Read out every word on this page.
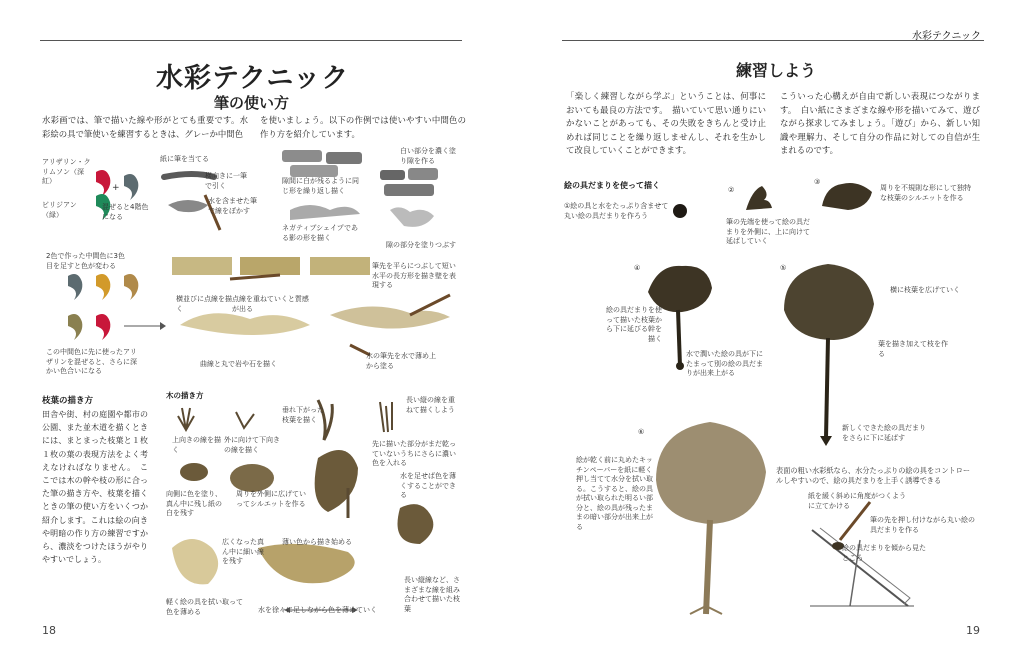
水彩テクニック
筆の使い方
水彩画では、筆で描いた線や形がとても重要です。水彩絵の具で筆使いを練習するときは、グレーか中間色
を使いましょう。以下の作例では使いやすい中間色の作り方を紹介しています。
+
アリザリン・クリムソン（深紅）
ビリジアン（緑）
混ぜると4階色になる
紙に筆を当てる
横向きに一筆で引く
水を含ませた筆で線をぼかす
隙間に白が残るように同じ形を繰り返し描く
白い部分を濃く塗り隙を作る
ネガティブシェイプである影の形を描く
隙の部分を塗りつぶす
2色で作った中間色に3色目を足すと色が変わる
この中間色に先に使ったアリザリンを混ぜると、さらに深かい色合いになる
横並びに点線を描く
点線を重ねていくと質感が出る
筆先を平らにつぶして短い水平の長方形を描き壁を表現する
曲線と丸で岩や石を描く
水の筆先を水で薄め上から塗る
枝葉の描き方
田舎や街、村の庭園や都市の公園、また並木道を描くときには、まとまった枝葉と１枚１枚の葉の表現方法をよく考えなければなりません。　ここでは木の幹や枝の形に合った筆の描き方や、枝葉を描くときの筆の使い方をいくつか紹介します。これは絵の向きや明暗の作り方の練習ですから、濃淡をつけたほうがやりやすいでしょう。
木の描き方
上向きの線を描く
外に向けて下向きの線を描く
垂れ下がった枝葉を描く
長い縦の線を重ねて描くしよう
先に描いた部分がまだ乾っていないうちにさらに濃い色を入れる
水を足せば色を薄くすることができる
向側に色を塗り、真ん中に残し紙の白を残す
周りを外側に広げていってシルエットを作る
広くなった真ん中に細い線を残す
薄い色から描き始める
長い縦線など、さまざまな線を組み合わせて描いた枝葉
軽く絵の具を拭い取って色を薄める	水を徐々に足しながら色を薄めていく
18
水彩テクニック
練習しよう
「楽しく練習しながら学ぶ」ということは、何事においても最良の方法です。　描いていて思い通りにいかないことがあっても、その失敗をきちんと受け止めれば同じことを繰り返しませんし、それを生かして改良していくことができます。
こういった心構えが自由で新しい表現につながります。　白い紙にさまざまな線や形を描いてみて、遊びながら探求してみましょう。「遊び」から、新しい知識や理解力、そして自分の作品に対しての自信が生まれるのです。
絵の具だまりを使って描く
①絵の具と水をたっぷり含ませて丸い絵の具だまりを作ろう
②
筆の先端を使って絵の具だまりを外側に、上に向けて延ばしていく
③
周りを不規則な形にして独特な枝葉のシルエットを作る
④
絵の具だまりを使って描いた枝葉から下に延びる幹を描く
水で潤いた絵の具が下にたまって別の絵の具だまりが出来上がる
⑤
横に枝葉を広げていく
葉を描き加えて枝を作る
新しくできた絵の具だまりをさらに下に延ばす
⑥
絵が乾く前に丸めたキッチンペーパーを紙に軽く押し当てて水分を拭い取る。こうすると、絵の具が拭い取られた明るい部分と、絵の具が残ったままの暗い部分が出来上がる
表面の粗い水彩紙なら、水分たっぷりの絵の具をコントロールしやすいので、絵の具だまりを上手く誘導できる
紙を緩く斜めに角度がつくように立てかける
筆の先を押し付けながら丸い絵の具だまりを作る
絵の具だまりを傾から見たところ
19
